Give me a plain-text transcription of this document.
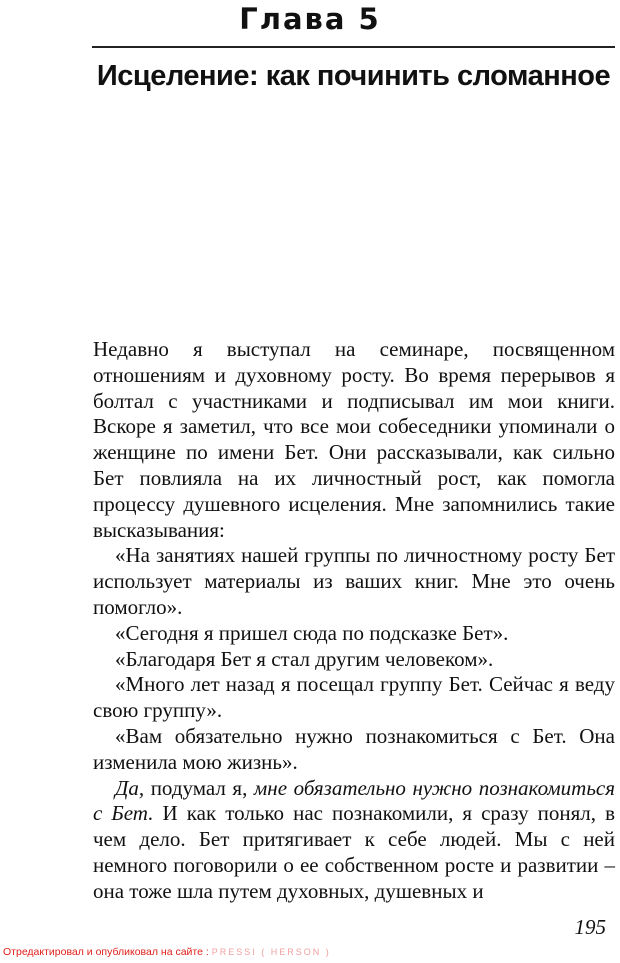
Глава 5
Исцеление: как починить сломанное

Недавно я выступал на семинаре, посвященном отношениям и духовному росту. Во время перерывов я болтал с участниками и подписывал им мои книги. Вскоре я заметил, что все мои собеседники упоминали о женщине по имени Бет. Они рассказывали, как сильно Бет повлияла на их личностный рост, как помогла процессу душевного исцеления. Мне запомнились такие высказывания:

«На занятиях нашей группы по личностному росту Бет использует материалы из ваших книг. Мне это очень помогло».

«Сегодня я пришел сюда по подсказке Бет».

«Благодаря Бет я стал другим человеком».

«Много лет назад я посещал группу Бет. Сейчас я веду свою группу».

«Вам обязательно нужно познакомиться с Бет. Она изменила мою жизнь».

Да, подумал я, мне обязательно нужно познакомиться с Бет. И как только нас познакомили, я сразу понял, в чем дело. Бет притягивает к себе людей. Мы с ней немного поговорили о ее собственном росте и развитии – она тоже шла путем духовных, душевных и

195
Отредактировал и опубликовал на сайте : PRESSI ( HERSON )
